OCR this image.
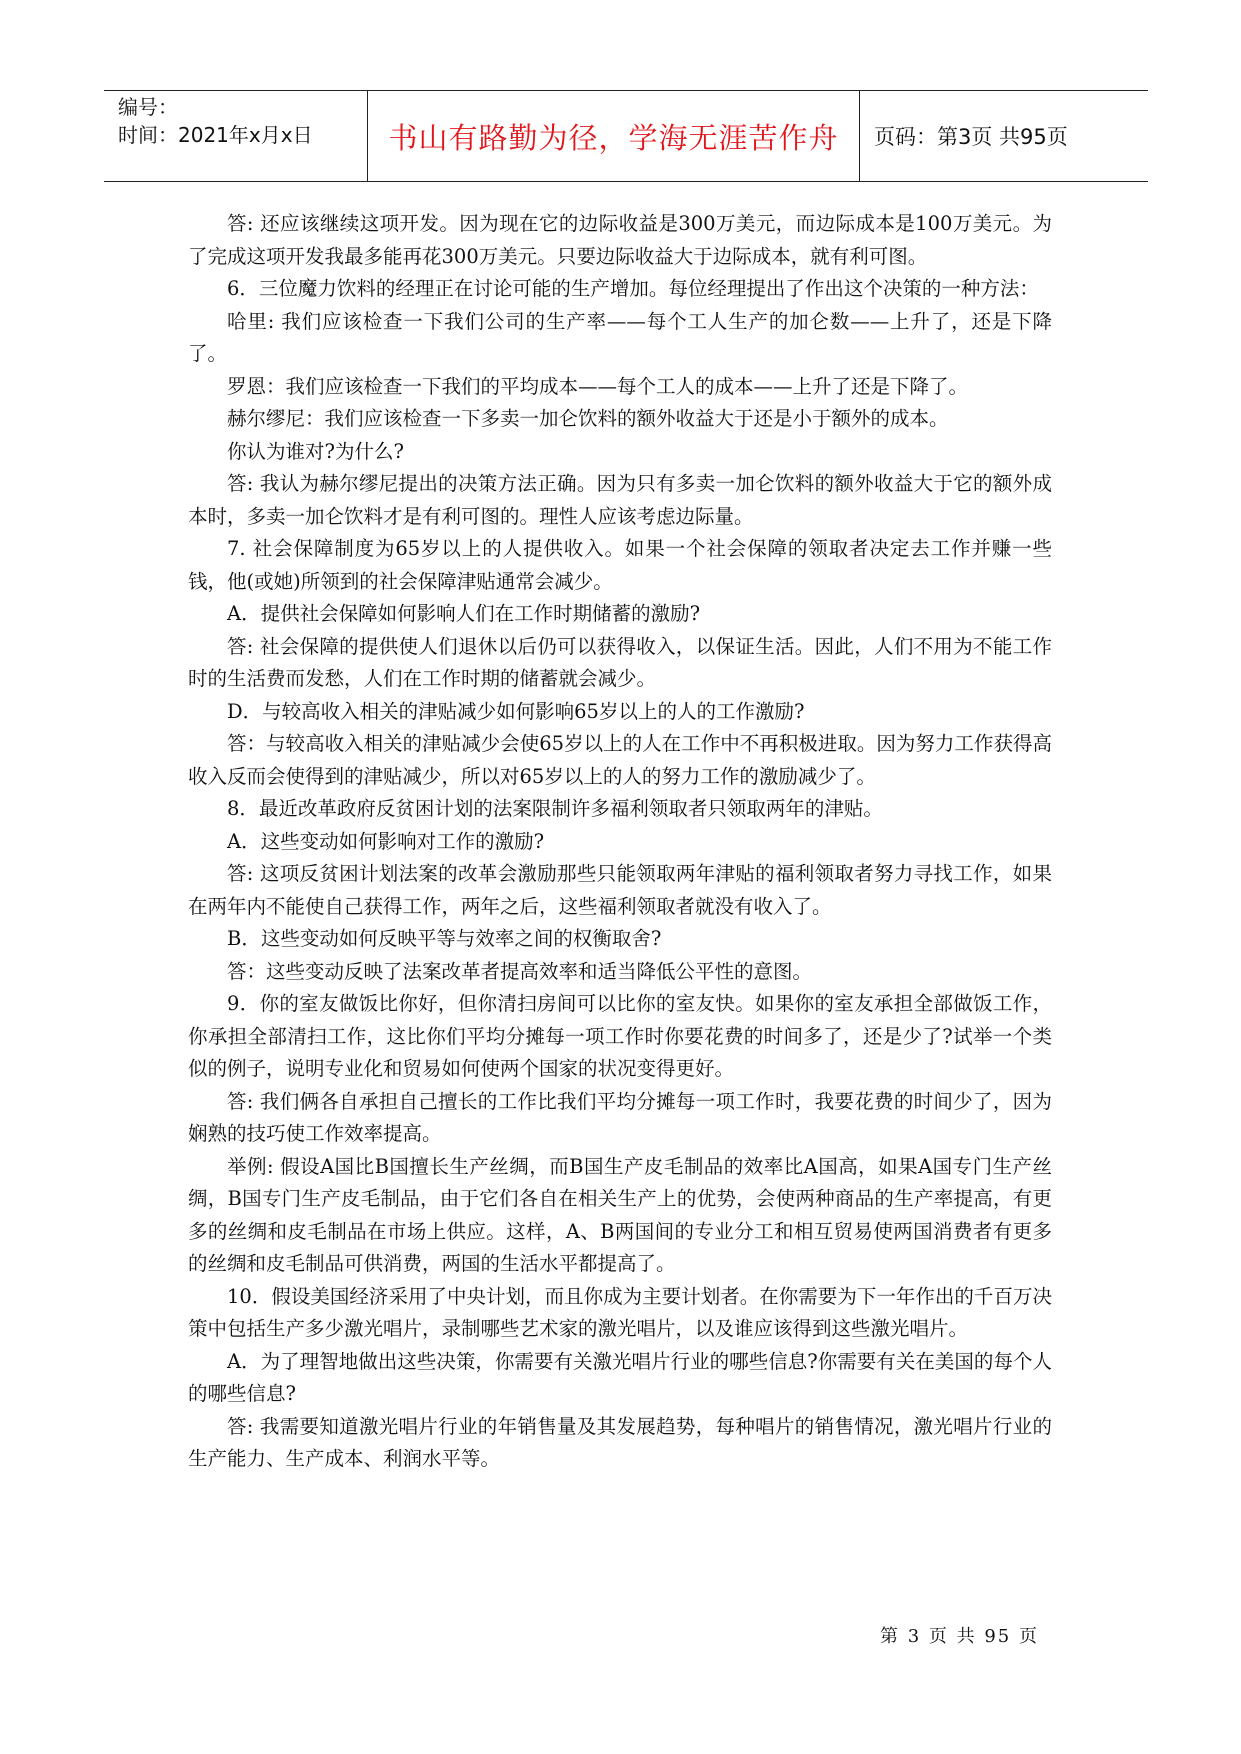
编号：
时间：2021年x月x日	书山有路勤为径，学海无涯苦作舟 页码：第3页 共95页

答: 还应该继续这项开发。因为现在它的边际收益是300万美元，而边际成本是100万美元。为了完成这项开发我最多能再花300万美元。只要边际收益大于边际成本，就有利可图。

6．三位魔力饮料的经理正在讨论可能的生产增加。每位经理提出了作出这个决策的一种方法：

哈里: 我们应该检查一下我们公司的生产率——每个工人生产的加仑数——上升了，还是下降了。

罗恩：我们应该检查一下我们的平均成本——每个工人的成本——上升了还是下降了。

赫尔缪尼：我们应该检查一下多卖一加仑饮料的额外收益大于还是小于额外的成本。

你认为谁对?为什么?

答: 我认为赫尔缪尼提出的决策方法正确。因为只有多卖一加仑饮料的额外收益大于它的额外成本时，多卖一加仑饮料才是有利可图的。理性人应该考虑边际量。

7. 社会保障制度为65岁以上的人提供收入。如果一个社会保障的领取者决定去工作并赚一些钱，他(或她)所领到的社会保障津贴通常会减少。

A．提供社会保障如何影响人们在工作时期储蓄的激励?

答: 社会保障的提供使人们退休以后仍可以获得收入，以保证生活。因此，人们不用为不能工作时的生活费而发愁，人们在工作时期的储蓄就会减少。

D．与较高收入相关的津贴减少如何影响65岁以上的人的工作激励?

答：与较高收入相关的津贴减少会使65岁以上的人在工作中不再积极进取。因为努力工作获得高收入反而会使得到的津贴减少，所以对65岁以上的人的努力工作的激励减少了。

8．最近改革政府反贫困计划的法案限制许多福利领取者只领取两年的津贴。

A．这些变动如何影响对工作的激励?

答: 这项反贫困计划法案的改革会激励那些只能领取两年津贴的福利领取者努力寻找工作，如果在两年内不能使自己获得工作，两年之后，这些福利领取者就没有收入了。

B．这些变动如何反映平等与效率之间的权衡取舍?

答：这些变动反映了法案改革者提高效率和适当降低公平性的意图。

9．你的室友做饭比你好，但你清扫房间可以比你的室友快。如果你的室友承担全部做饭工作，你承担全部清扫工作，这比你们平均分摊每一项工作时你要花费的时间多了，还是少了?试举一个类似的例子，说明专业化和贸易如何使两个国家的状况变得更好。

答: 我们俩各自承担自己擅长的工作比我们平均分摊每一项工作时，我要花费的时间少了，因为娴熟的技巧使工作效率提高。

举例: 假设A国比B国擅长生产丝绸，而B国生产皮毛制品的效率比A国高，如果A国专门生产丝绸，B国专门生产皮毛制品，由于它们各自在相关生产上的优势，会使两种商品的生产率提高，有更多的丝绸和皮毛制品在市场上供应。这样，A、B两国间的专业分工和相互贸易使两国消费者有更多的丝绸和皮毛制品可供消费，两国的生活水平都提高了。

10．假设美国经济采用了中央计划，而且你成为主要计划者。在你需要为下一年作出的千百万决策中包括生产多少激光唱片，录制哪些艺术家的激光唱片，以及谁应该得到这些激光唱片。

A．为了理智地做出这些决策，你需要有关激光唱片行业的哪些信息?你需要有关在美国的每个人的哪些信息?

答: 我需要知道激光唱片行业的年销售量及其发展趋势，每种唱片的销售情况，激光唱片行业的生产能力、生产成本、利润水平等。

第 3 页 共 95 页
